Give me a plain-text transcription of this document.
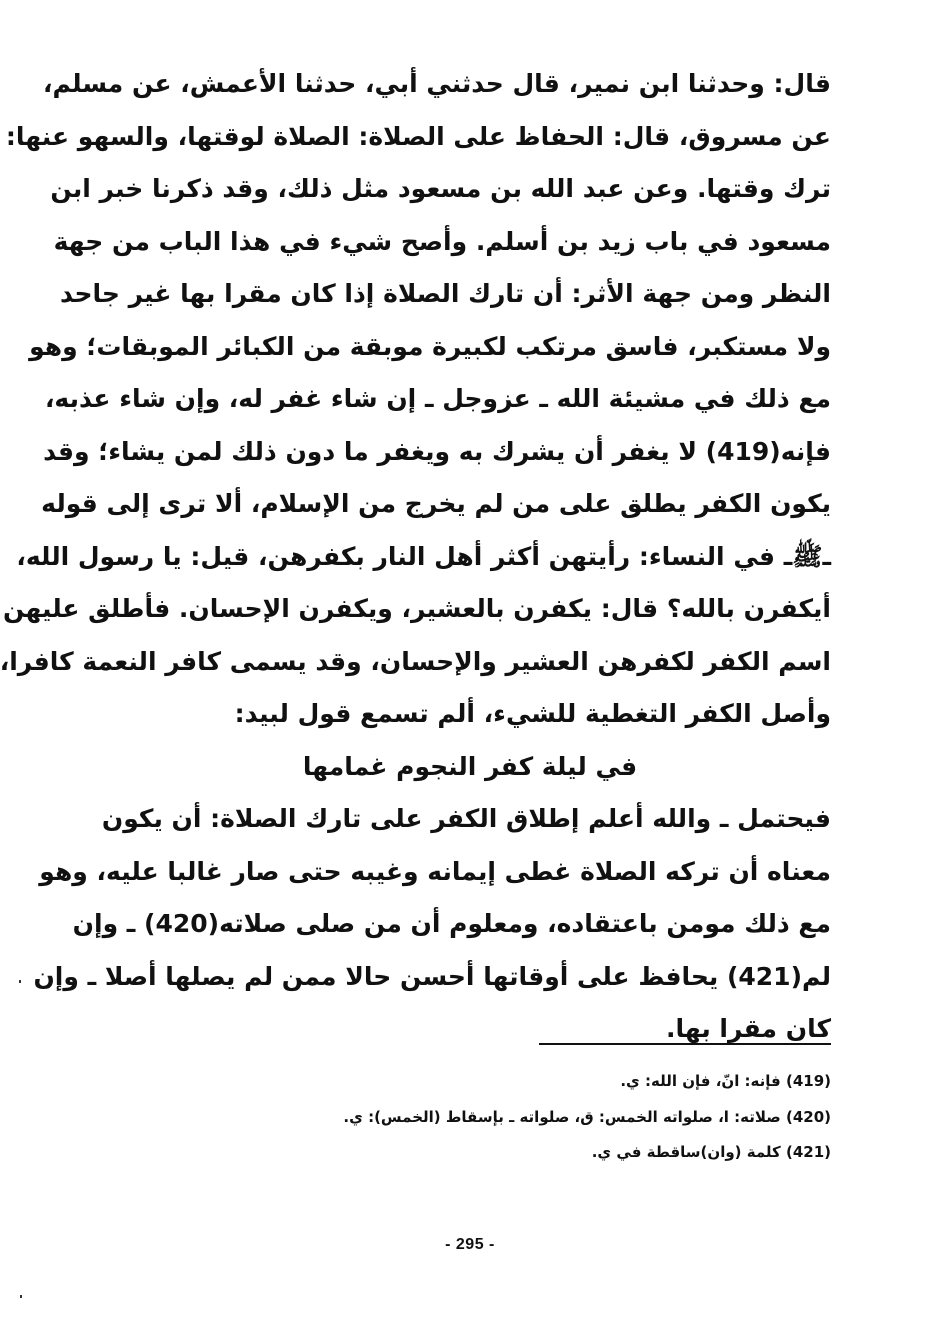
قال: وحدثنا ابن نمير، قال حدثني أبي، حدثنا الأعمش، عن مسلم،
عن مسروق، قال: الحفاظ على الصلاة: الصلاة لوقتها، والسهو عنها:
ترك وقتها. وعن عبد الله بن مسعود مثل ذلك، وقد ذكرنا خبر ابن
مسعود في باب زيد بن أسلم. وأصح شيء في هذا الباب من جهة
النظر ومن جهة الأثر: أن تارك الصلاة إذا كان مقرا بها غير جاحد
ولا مستكبر، فاسق مرتكب لكبيرة موبقة من الكبائر الموبقات؛ وهو
مع ذلك في مشيئة الله ـ عزوجل ـ إن شاء غفر له، وإن شاء عذبه،
فإنه(419) لا يغفر أن يشرك به ويغفر ما دون ذلك لمن يشاء؛ وقد
يكون الكفر يطلق على من لم يخرج من الإسلام، ألا ترى إلى قوله
ـﷺـ في النساء: رأيتهن أكثر أهل النار بكفرهن، قيل: يا رسول الله،
أيكفرن بالله؟ قال: يكفرن بالعشير، ويكفرن الإحسان. فأطلق عليهن
اسم الكفر لكفرهن العشير والإحسان، وقد يسمى كافر النعمة كافرا،
وأصل الكفر التغطية للشيء، ألم تسمع قول لبيد:
في ليلة كفر النجوم غمامها
فيحتمل ـ والله أعلم إطلاق الكفر على تارك الصلاة: أن يكون
معناه أن تركه الصلاة غطى إيمانه وغيبه حتى صار غالبا عليه، وهو
مع ذلك مومن باعتقاده، ومعلوم أن من صلى صلاته(420) ـ وإن
لم(421) يحافظ على أوقاتها أحسن حالا ممن لم يصلها أصلا ـ وإن
كان مقرا بها.
(419) فإنه: انّ، فإن الله: ي.
(420) صلاته: ا، صلواته الخمس: ق، صلواته ـ بإسقاط (الخمس): ي.
(421) كلمة (وان)ساقطة في ي.
- 295 -
